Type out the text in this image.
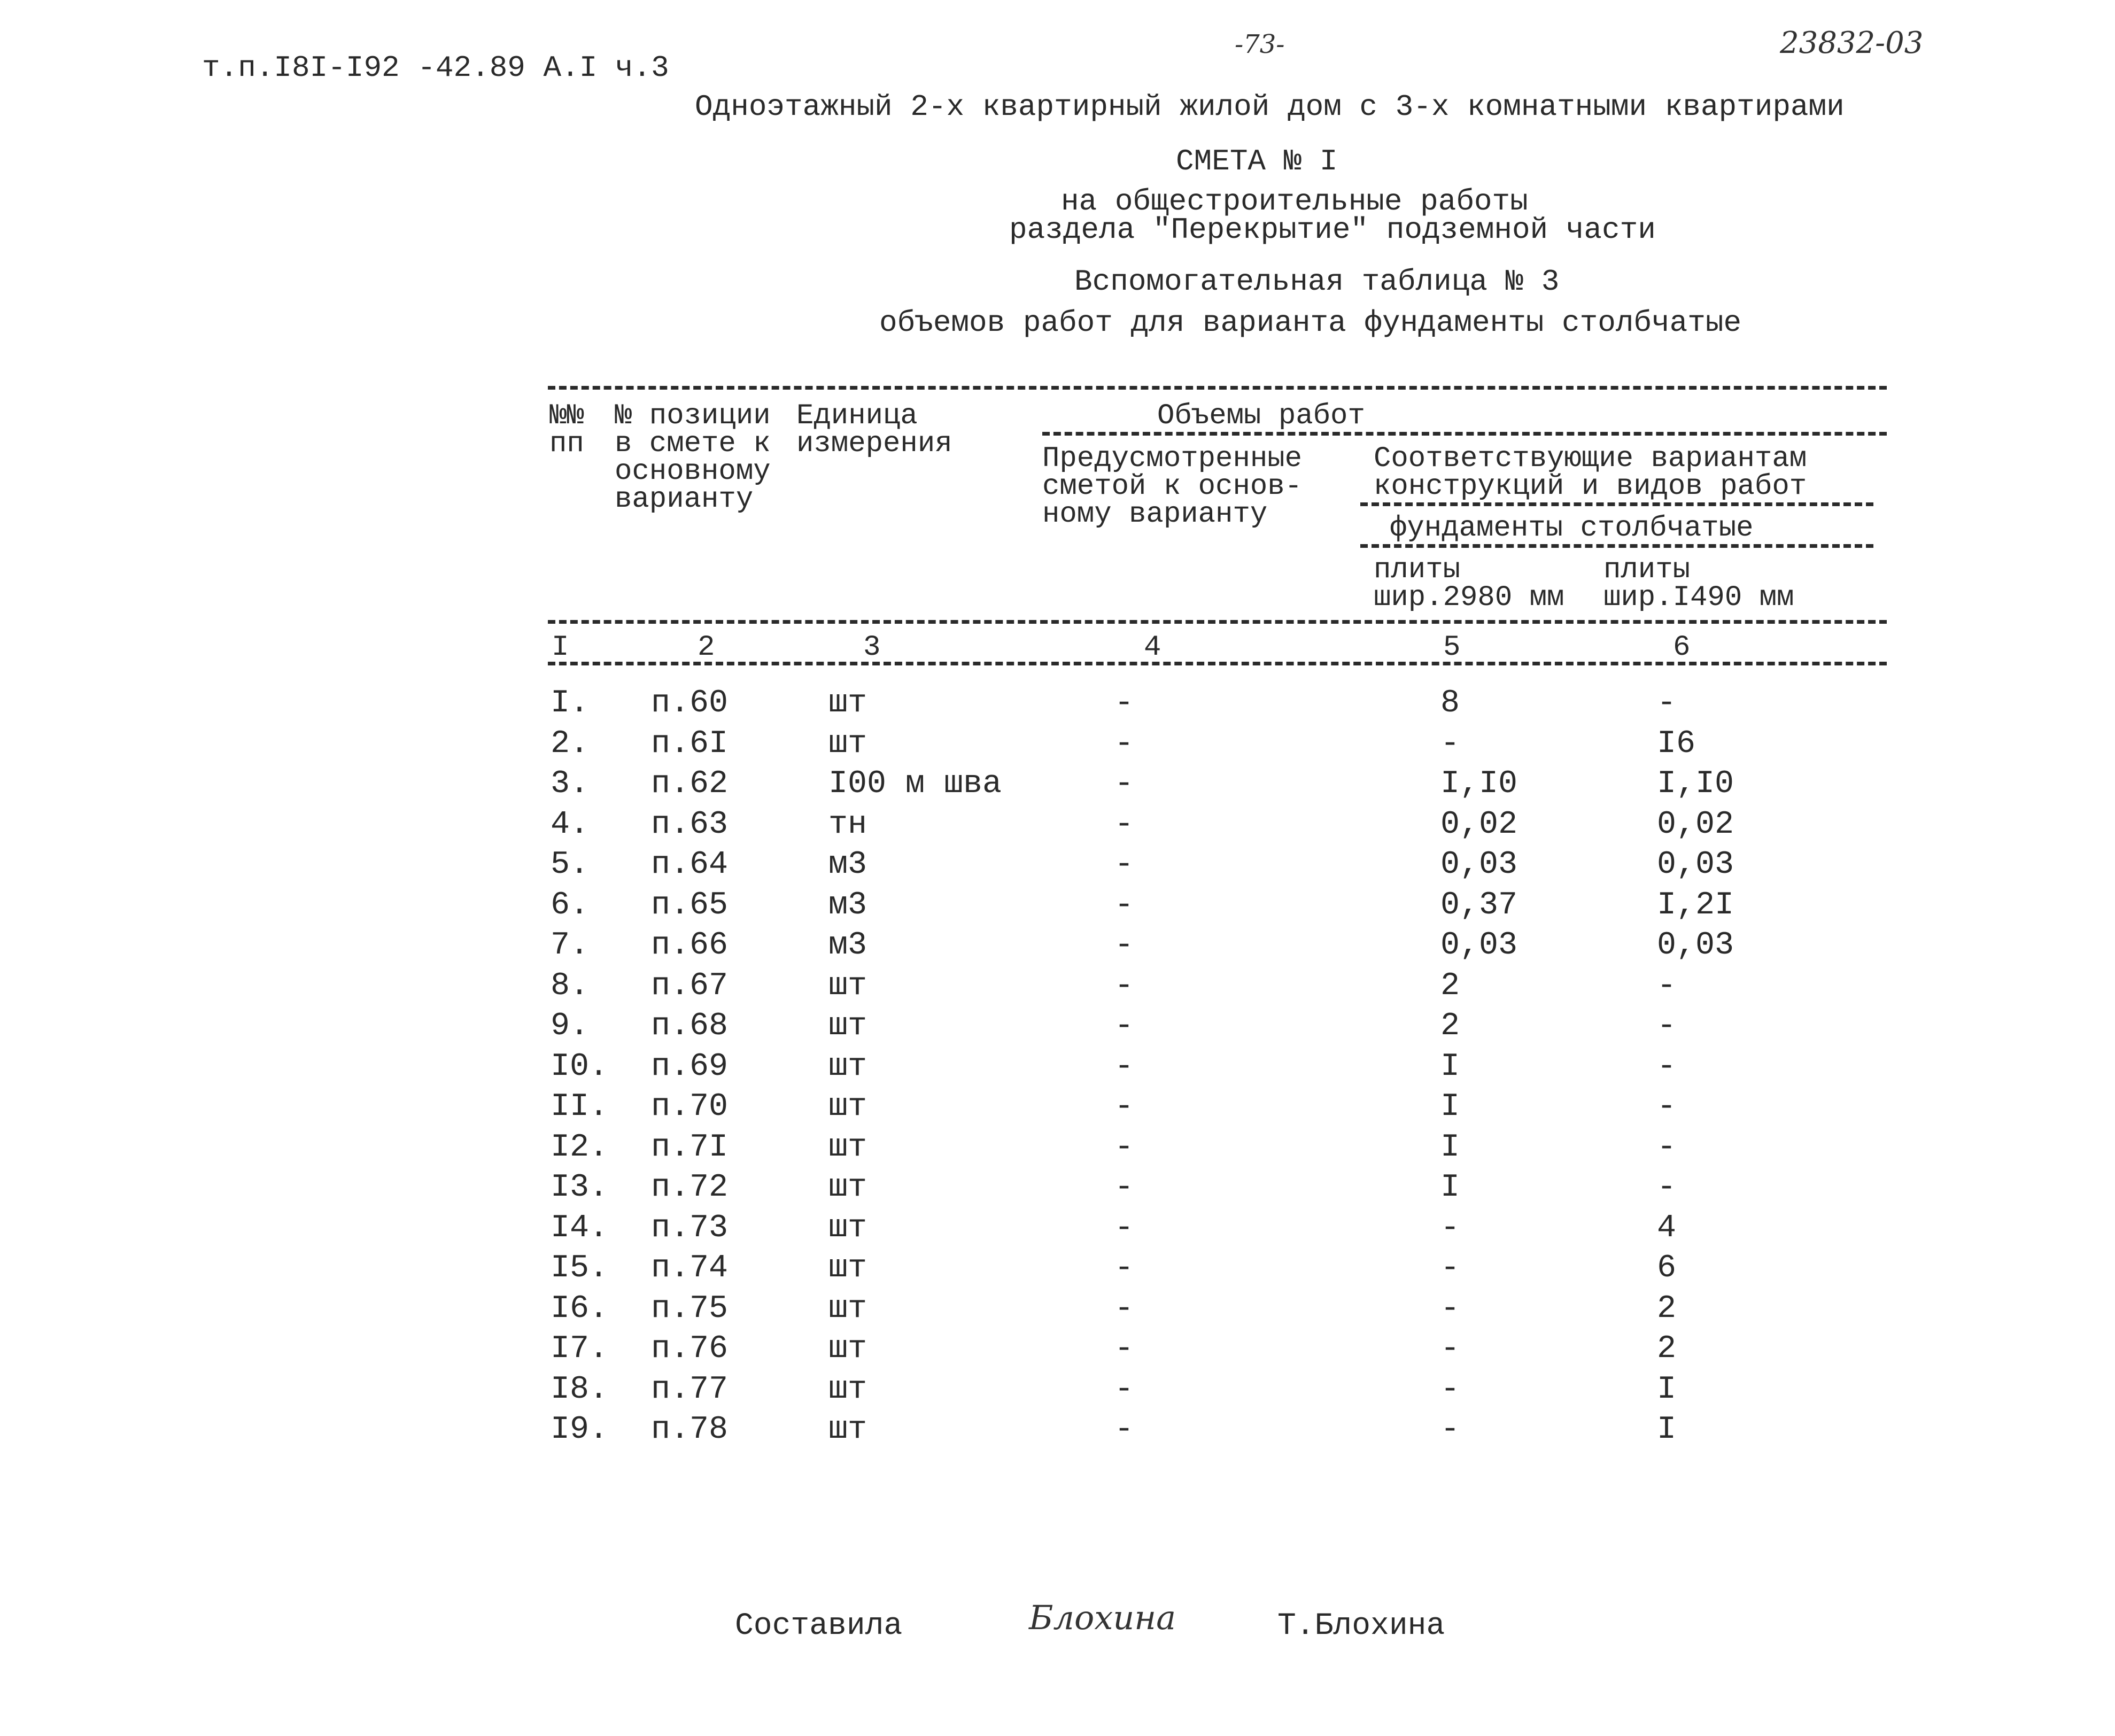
т.п.I8I-I92 -42.89 А.I ч.3
-73-	23832-03
Одноэтажный 2-х квартирный жилой дом с 3-х комнатными квартирами
СМЕТА № I
на общестроительные работы
раздела "Перекрытие" подземной части
Вспомогательная таблица № 3
объемов работ для варианта фундаменты столбчатые
№№
пп
№ позиции
в смете к
основному
варианту
Единица
измерения
Объемы работ
Предусмотренные
сметой к основ-
ному варианту
Соответствующие вариантам
конструкций и видов работ
фундаменты столбчатые
плиты
шир.2980 мм
плиты
шир.I490 мм
I	2	3	4	5	6
I. п.60	шт	-	8	-
2. п.6I	шт	-	-	I6
3. п.62	I00 м шва	-	I,I0	I,I0
4. п.63	тн	-	0,02	0,02
5. п.64	м3	-	0,03	0,03
6. п.65	м3	-	0,37	I,2I
7. п.66	м3	-	0,03	0,03
8. п.67	шт	-	2	-
9. п.68	шт	-	2	-
I0. п.69	шт	-	I	-
II. п.70	шт	-	I	-
I2. п.7I	шт	-	I	-
I3. п.72	шт	-	I	-
I4. п.73	шт	-	-	4
I5. п.74	шт	-	-	6
I6. п.75	шт	-	-	2
I7. п.76	шт	-	-	2
I8. п.77	шт	-	-	I
I9. п.78	шт	-	-	I
Составила	Блохина	Т.Блохина
